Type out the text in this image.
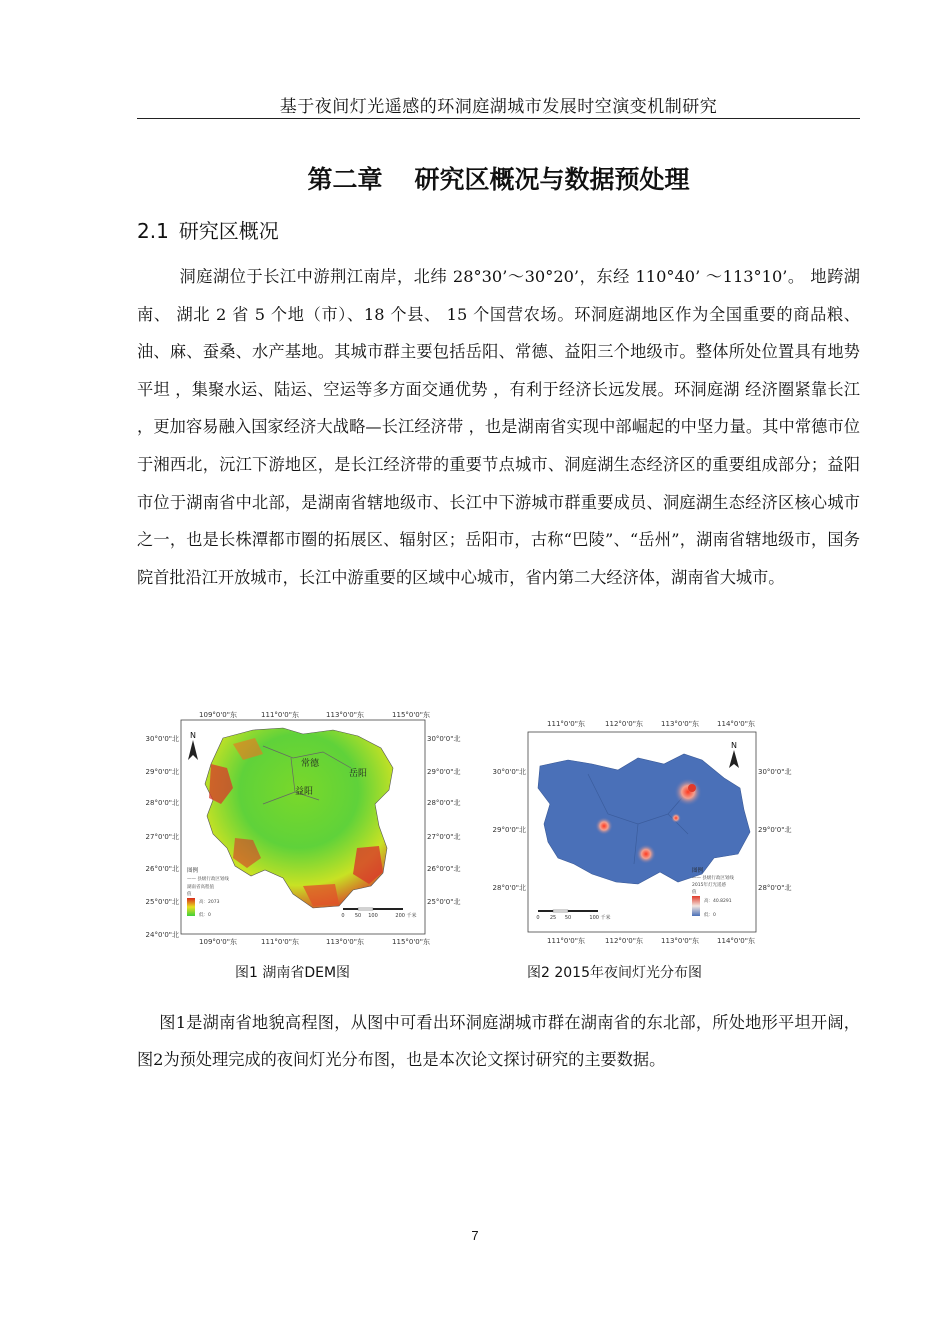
基于夜间灯光遥感的环洞庭湖城市发展时空演变机制研究
第二章 研究区概况与数据预处理
2.1 研究区概况
洞庭湖位于长江中游荆江南岸，北纬 28°30’～30°20’，东经 110°40’ ～113°10’。 地跨湖南、 湖北 2 省 5 个地（市）、18 个县、 15 个国营农场。环洞庭湖地区作为全国重要的商品粮、油、麻、蚕桑、水产基地。其城市群主要包括岳阳、常德、益阳三个地级市。整体所处位置具有地势平坦 ，集聚水运、陆运、空运等多方面交通优势 ，有利于经济长远发展。环洞庭湖 经济圈紧靠长江 ，更加容易融入国家经济大战略—长江经济带 ，也是湖南省实现中部崛起的中坚力量。其中常德市位于湘西北，沅江下游地区，是长江经济带的重要节点城市、洞庭湖生态经济区的重要组成部分；益阳市位于湖南省中北部，是湖南省辖地级市、长江中下游城市群重要成员、洞庭湖生态经济区核心城市之一，也是长株潭都市圈的拓展区、辐射区；岳阳市，古称“巴陵”、“岳州”，湖南省辖地级市，国务院首批沿江开放城市，长江中游重要的区域中心城市，省内第二大经济体，湖南省大城市。
常德
岳阳
益阳
N
109°0'0"东	111°0'0"东	113°0'0"东	115°0'0"东
109°0'0"东	111°0'0"东	113°0'0"东	115°0'0"东
30°0'0"北
29°0'0"北
28°0'0"北
27°0'0"北
26°0'0"北
25°0'0"北
24°0'0"北
30°0'0"北
29°0'0"北
28°0'0"北
27°0'0"北
26°0'0"北
25°0'0"北
图例
—— 县级行政区划线
湖南省高程值
值
高：2073
低：0	0 50 100	200 千米
N
111°0'0"东	112°0'0"东	113°0'0"东	114°0'0"东
111°0'0"东	112°0'0"东	113°0'0"东	114°0'0"东
30°0'0"北
29°0'0"北
28°0'0"北
30°0'0"北
29°0'0"北
28°0'0"北
图例
—— 县级行政区划线
2015年灯光遥感
值
高：40.8291
低：0
0 25 50	100 千米
图1 湖南省DEM图	图2 2015年夜间灯光分布图
图1是湖南省地貌高程图，从图中可看出环洞庭湖城市群在湖南省的东北部，所处地形平坦开阔，图2为预处理完成的夜间灯光分布图，也是本次论文探讨研究的主要数据。
7
